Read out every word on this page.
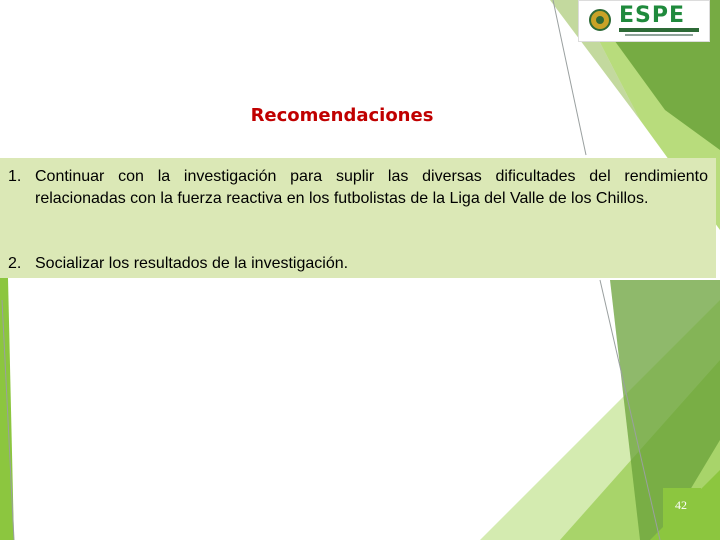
ESPE
Recomendaciones
1. Continuar con la investigación para suplir las diversas dificultades del rendimiento relacionadas con la fuerza reactiva en los futbolistas de la Liga del Valle de los Chillos.
2. Socializar los resultados de la investigación.
42
